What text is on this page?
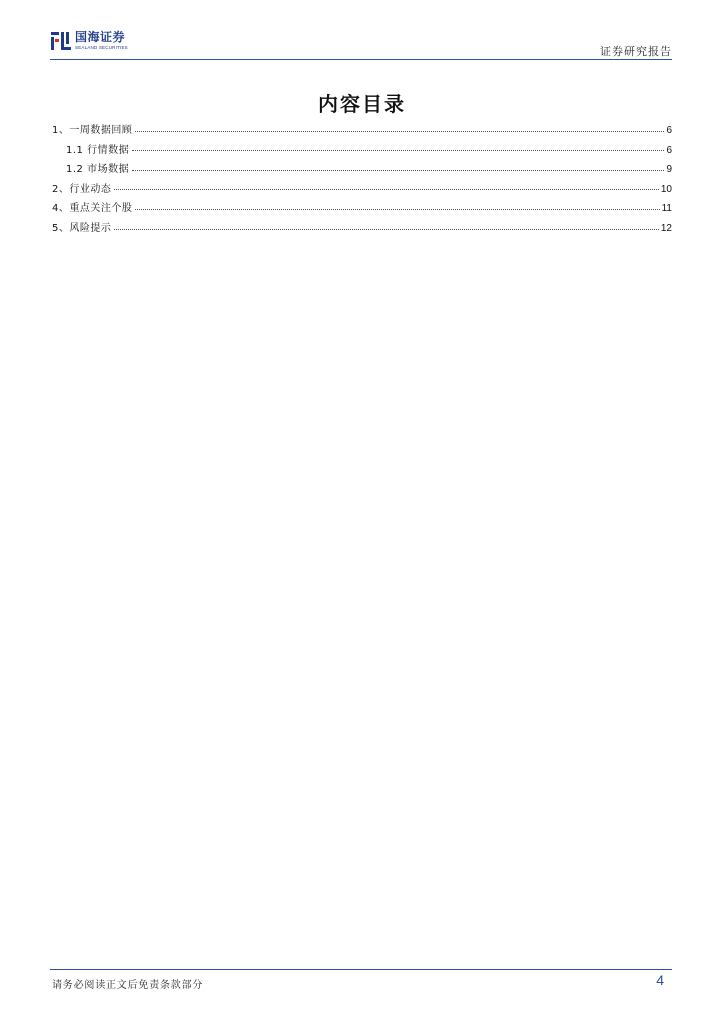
国海证券
SEALAND SECURITIES	证券研究报告
内容目录
1、一周数据回顾	6
1.1 行情数据	6
1.2 市场数据	9
2、行业动态	10
4、重点关注个股	11
5、风险提示	12
请务必阅读正文后免责条款部分	4
